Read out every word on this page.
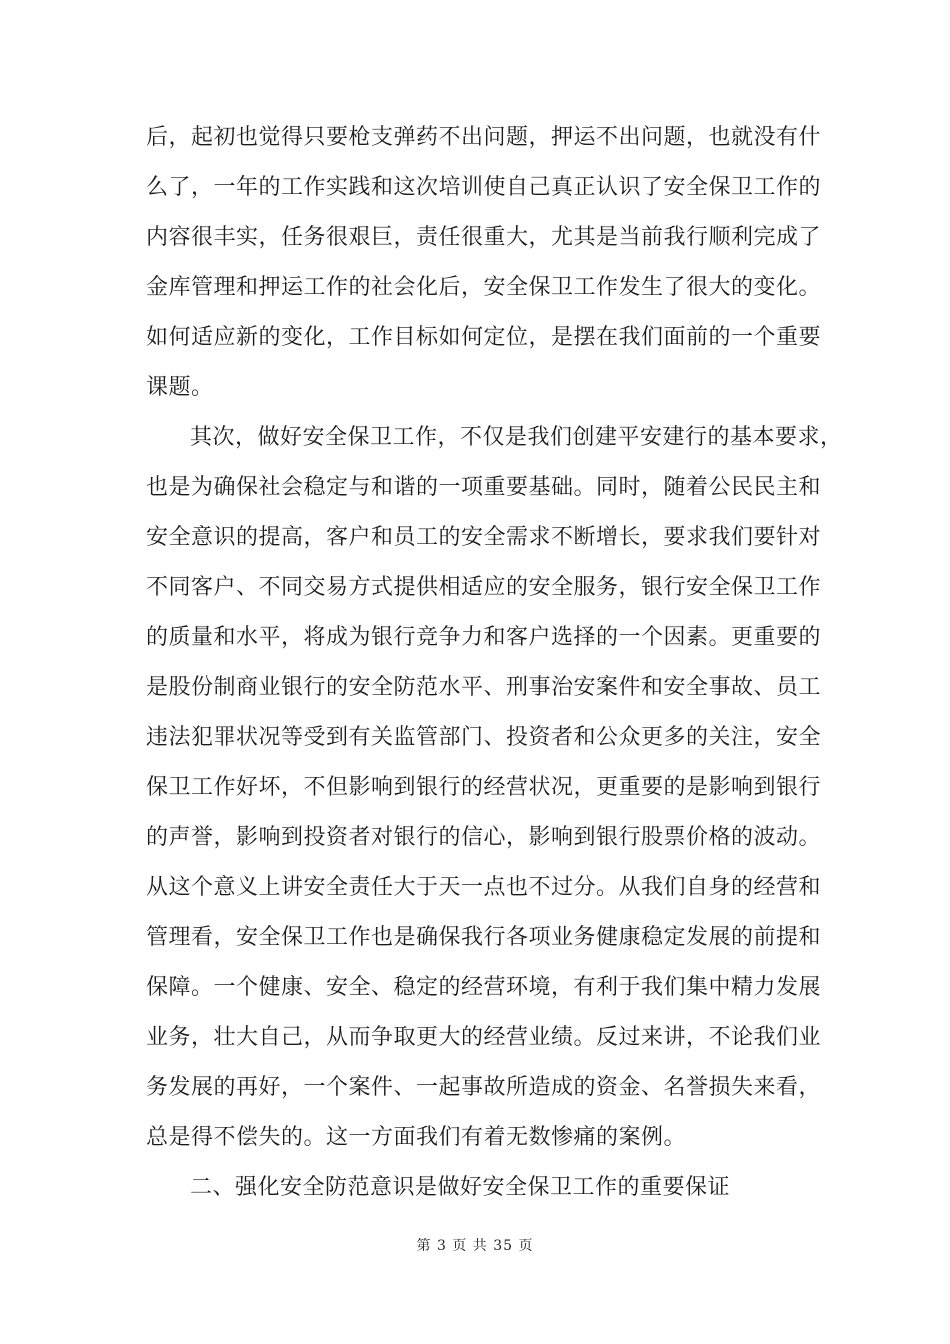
后，起初也觉得只要枪支弹药不出问题，押运不出问题，也就没有什
么了，一年的工作实践和这次培训使自己真正认识了安全保卫工作的
内容很丰实，任务很艰巨，责任很重大，尤其是当前我行顺利完成了
金库管理和押运工作的社会化后，安全保卫工作发生了很大的变化。
如何适应新的变化，工作目标如何定位，是摆在我们面前的一个重要
课题。
其次，做好安全保卫工作，不仅是我们创建平安建行的基本要求，
也是为确保社会稳定与和谐的一项重要基础。同时，随着公民民主和
安全意识的提高，客户和员工的安全需求不断增长，要求我们要针对
不同客户、不同交易方式提供相适应的安全服务，银行安全保卫工作
的质量和水平，将成为银行竞争力和客户选择的一个因素。更重要的
是股份制商业银行的安全防范水平、刑事治安案件和安全事故、员工
违法犯罪状况等受到有关监管部门、投资者和公众更多的关注，安全
保卫工作好坏，不但影响到银行的经营状况，更重要的是影响到银行
的声誉，影响到投资者对银行的信心，影响到银行股票价格的波动。
从这个意义上讲安全责任大于天一点也不过分。从我们自身的经营和
管理看，安全保卫工作也是确保我行各项业务健康稳定发展的前提和
保障。一个健康、安全、稳定的经营环境，有利于我们集中精力发展
业务，壮大自己，从而争取更大的经营业绩。反过来讲，不论我们业
务发展的再好，一个案件、一起事故所造成的资金、名誉损失来看，
总是得不偿失的。这一方面我们有着无数惨痛的案例。
二、强化安全防范意识是做好安全保卫工作的重要保证
第 3 页 共 35 页
